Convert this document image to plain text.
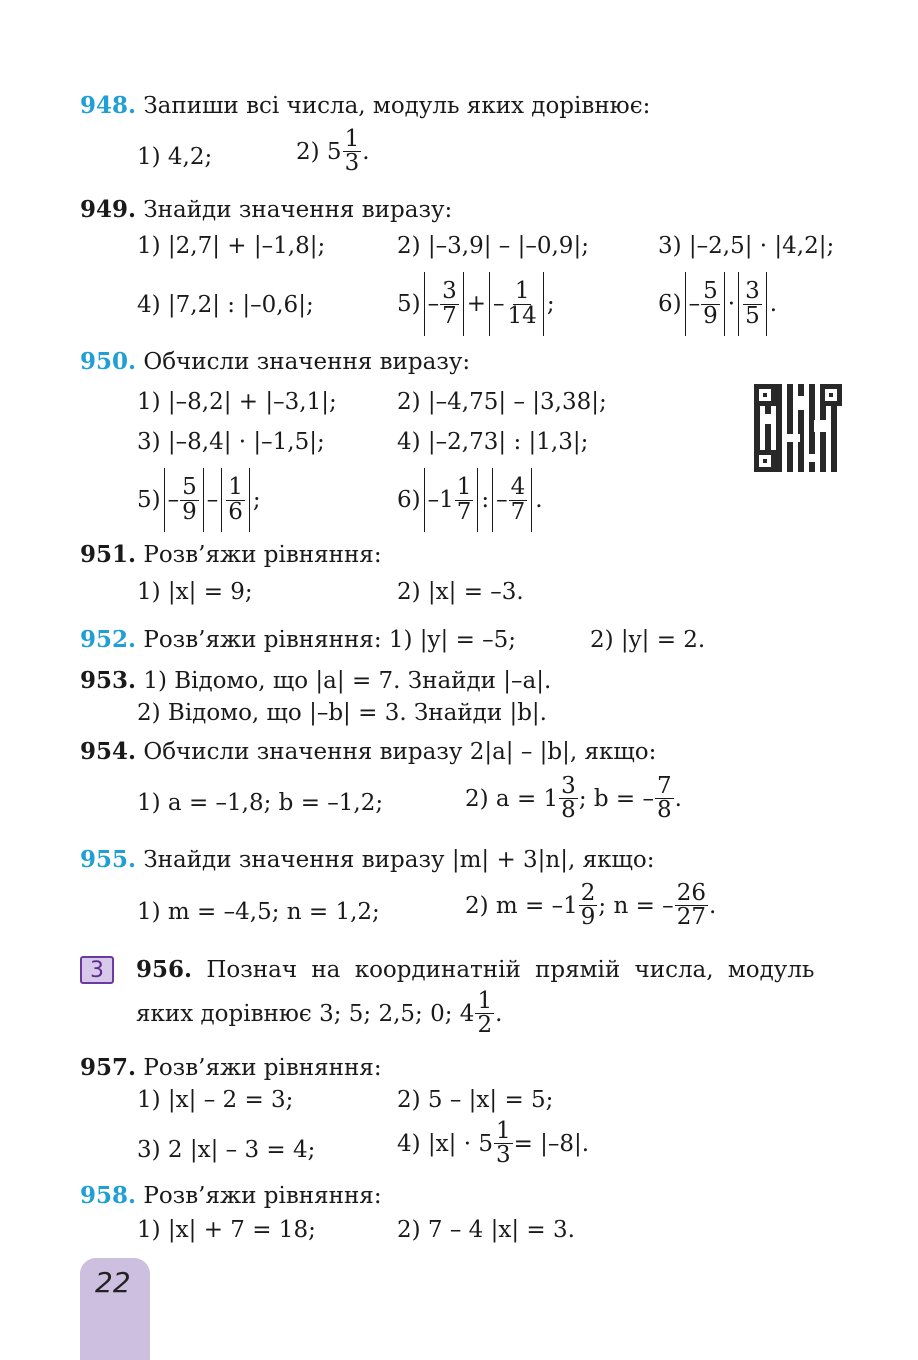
948. Запиши всі числа, модуль яких дорівнює:
1) 4,2;	2) $5 \frac{1}{3}$ .
949. Знайди значення виразу:
1) |2,7| + |–1,8|;	2) |–3,9| – |–0,9|;	3) |–2,5| · |4,2|;
4) |7,2| : |–0,6|;	$5) - \frac{3}{7}$ + – $\frac{1}{14}$ ;	$6) - \frac{5}{9} \cdot \frac{3}{5}$ .
950. Обчисли значення виразу:
1) |–8,2| + |–3,1|;	2) |–4,75| – |3,38|;
3) |–8,4| · |–1,5|;	4) |–2,73| : |1,3|;
$5) - \frac{5}{9} - \frac{1}{6}$ ;	6) $-1 \frac{1}{7}$ : – $\frac{4}{7}$ .
951. Розв’яжи рівняння:
1) |x| = 9;	2) |x| = –3.
952. Розв’яжи рівняння: 1) |y| = –5;	2) |y| = 2.
953. 1) Відомо, що |a| = 7. Знайди |–a|.
2) Відомо, що |–b| = 3. Знайди |b|.
954. Обчисли значення виразу 2|a| – |b|, якщо:
1) a = –1,8; b = –1,2;	2) $a = 1 \frac{3}{8}$ ; b = – $\frac{7}{8}$ .
955. Знайди значення виразу |m| + 3|n|, якщо:
1) m = –4,5; n = 1,2;	2) $m = -1 \frac{2}{9}$ ; n = – $\frac{26}{27}$ .
3	956. Познач на координатній прямій числа, модуль
яких дорівнює 3; 5; 2,5; 0; $4 \frac{1}{2}$ .
957. Розв’яжи рівняння:
1) |x| – 2 = 3;	2) 5 – |x| = 5;
3) 2 |x| – 3 = 4;	4) $|x| \cdot 5 \frac{1}{3} = |-8|$.
958. Розв’яжи рівняння:
1) |x| + 7 = 18;	2) 7 – 4 |x| = 3.
22
